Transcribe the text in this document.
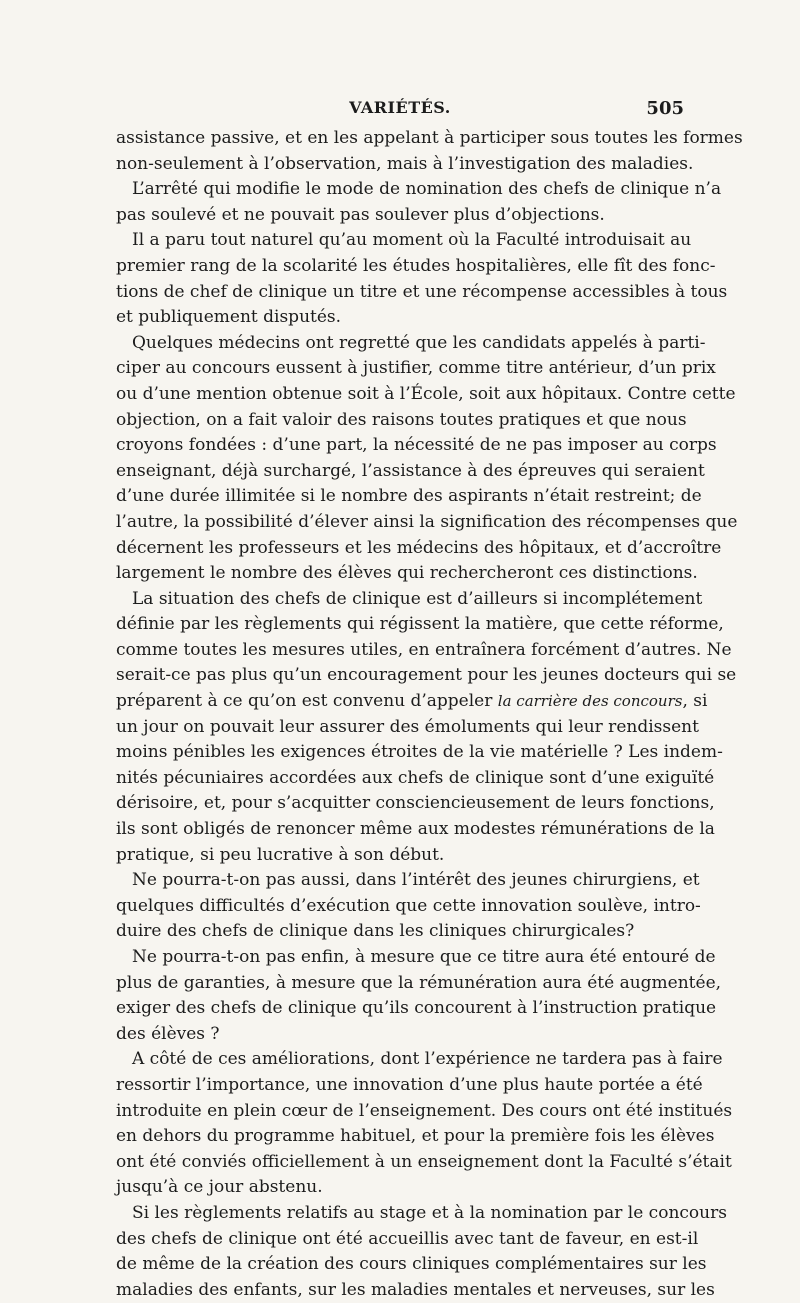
VARIÉTÉS.	505
assistance passive, et en les appelant à participer sous toutes les formes
non-seulement à l’observation, mais à l’investigation des maladies.
L’arrêté qui modifie le mode de nomination des chefs de clinique n’a
pas soulevé et ne pouvait pas soulever plus d’objections.
Il a paru tout naturel qu’au moment où la Faculté introduisait au
premier rang de la scolarité les études hospitalières, elle fît des fonc-
tions de chef de clinique un titre et une récompense accessibles à tous
et publiquement disputés.
Quelques médecins ont regretté que les candidats appelés à parti-
ciper au concours eussent à justifier, comme titre antérieur, d’un prix
ou d’une mention obtenue soit à l’École, soit aux hôpitaux. Contre cette
objection, on a fait valoir des raisons toutes pratiques et que nous
croyons fondées : d’une part, la nécessité de ne pas imposer au corps
enseignant, déjà surchargé, l’assistance à des épreuves qui seraient
d’une durée illimitée si le nombre des aspirants n’était restreint; de
l’autre, la possibilité d’élever ainsi la signification des récompenses que
décernent les professeurs et les médecins des hôpitaux, et d’accroître
largement le nombre des élèves qui rechercheront ces distinctions.
La situation des chefs de clinique est d’ailleurs si incomplétement
définie par les règlements qui régissent la matière, que cette réforme,
comme toutes les mesures utiles, en entraînera forcément d’autres. Ne
serait-ce pas plus qu’un encouragement pour les jeunes docteurs qui se
préparent à ce qu’on est convenu d’appeler la carrière des concours, si
un jour on pouvait leur assurer des émoluments qui leur rendissent
moins pénibles les exigences étroites de la vie matérielle ? Les indem-
nités pécuniaires accordées aux chefs de clinique sont d’une exiguïté
dérisoire, et, pour s’acquitter consciencieusement de leurs fonctions,
ils sont obligés de renoncer même aux modestes rémunérations de la
pratique, si peu lucrative à son début.
Ne pourra-t-on pas aussi, dans l’intérêt des jeunes chirurgiens, et
quelques difficultés d’exécution que cette innovation soulève, intro-
duire des chefs de clinique dans les cliniques chirurgicales?
Ne pourra-t-on pas enfin, à mesure que ce titre aura été entouré de
plus de garanties, à mesure que la rémunération aura été augmentée,
exiger des chefs de clinique qu’ils concourent à l’instruction pratique
des élèves ?
A côté de ces améliorations, dont l’expérience ne tardera pas à faire
ressortir l’importance, une innovation d’une plus haute portée a été
introduite en plein cœur de l’enseignement. Des cours ont été institués
en dehors du programme habituel, et pour la première fois les élèves
ont été conviés officiellement à un enseignement dont la Faculté s’était
jusqu’à ce jour abstenu.
Si les règlements relatifs au stage et à la nomination par le concours
des chefs de clinique ont été accueillis avec tant de faveur, en est-il
de même de la création des cours cliniques complémentaires sur les
maladies des enfants, sur les maladies mentales et nerveuses, sur les
